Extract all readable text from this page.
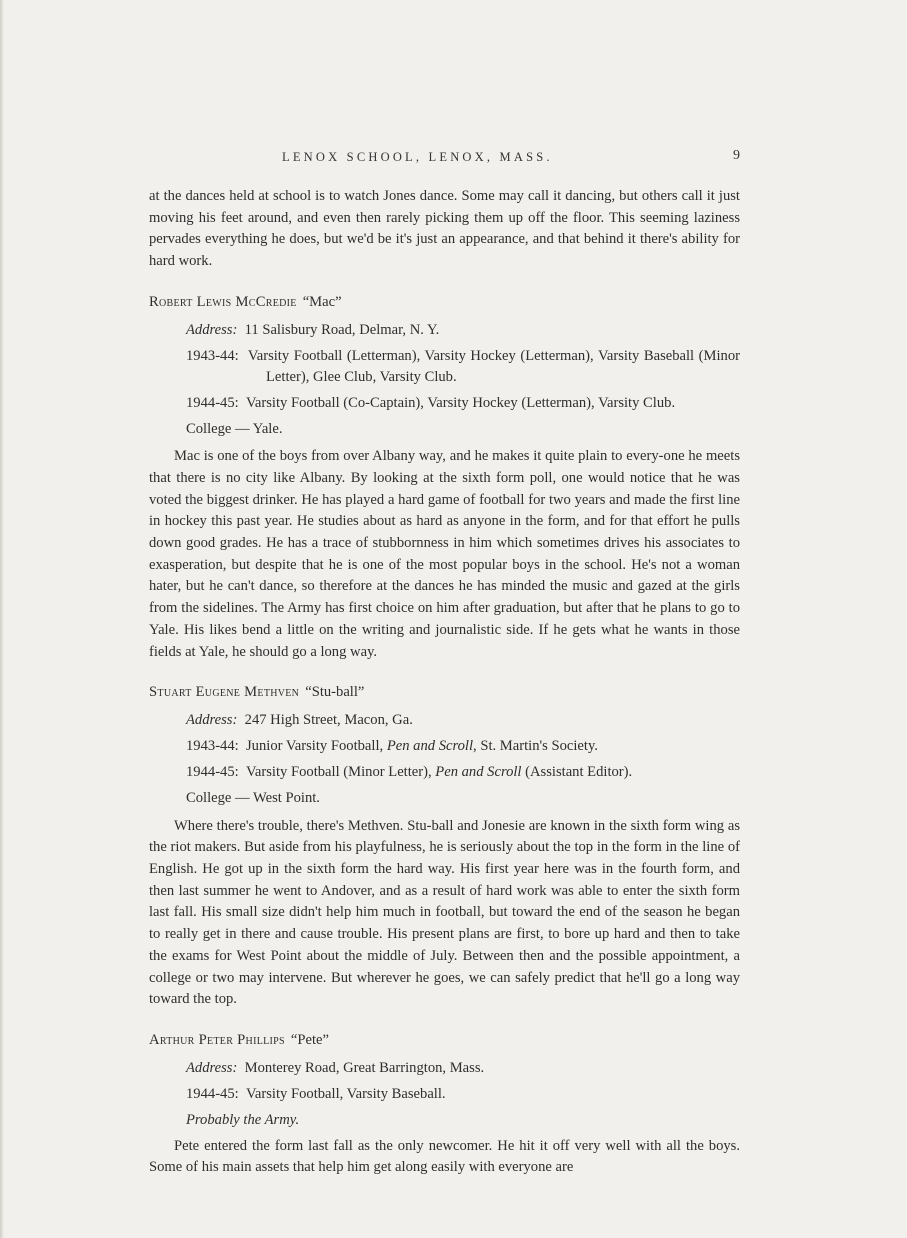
LENOX SCHOOL, LENOX, MASS.	9

at the dances held at school is to watch Jones dance. Some may call it dancing, but others call it just moving his feet around, and even then rarely picking them up off the floor. This seeming laziness pervades everything he does, but we'd be it's just an appearance, and that behind it there's ability for hard work.

Robert Lewis McCredie “Mac”

Address: 11 Salisbury Road, Delmar, N. Y.

1943-44: Varsity Football (Letterman), Varsity Hockey (Letterman), Varsity Baseball (Minor Letter), Glee Club, Varsity Club.

1944-45: Varsity Football (Co-Captain), Varsity Hockey (Letterman), Varsity Club.

College — Yale.

Mac is one of the boys from over Albany way, and he makes it quite plain to every-one he meets that there is no city like Albany. By looking at the sixth form poll, one would notice that he was voted the biggest drinker. He has played a hard game of football for two years and made the first line in hockey this past year. He studies about as hard as anyone in the form, and for that effort he pulls down good grades. He has a trace of stubbornness in him which sometimes drives his associates to exasperation, but despite that he is one of the most popular boys in the school. He's not a woman hater, but he can't dance, so therefore at the dances he has minded the music and gazed at the girls from the sidelines. The Army has first choice on him after graduation, but after that he plans to go to Yale. His likes bend a little on the writing and journalistic side. If he gets what he wants in those fields at Yale, he should go a long way.

Stuart Eugene Methven “Stu-ball”

Address: 247 High Street, Macon, Ga.

1943-44: Junior Varsity Football, Pen and Scroll, St. Martin's Society.

1944-45: Varsity Football (Minor Letter), Pen and Scroll (Assistant Editor).

College — West Point.

Where there's trouble, there's Methven. Stu-ball and Jonesie are known in the sixth form wing as the riot makers. But aside from his playfulness, he is seriously about the top in the form in the line of English. He got up in the sixth form the hard way. His first year here was in the fourth form, and then last summer he went to Andover, and as a result of hard work was able to enter the sixth form last fall. His small size didn't help him much in football, but toward the end of the season he began to really get in there and cause trouble. His present plans are first, to bore up hard and then to take the exams for West Point about the middle of July. Between then and the possible appointment, a college or two may intervene. But wherever he goes, we can safely predict that he'll go a long way toward the top.

Arthur Peter Phillips “Pete”

Address: Monterey Road, Great Barrington, Mass.

1944-45: Varsity Football, Varsity Baseball.

Probably the Army.

Pete entered the form last fall as the only newcomer. He hit it off very well with all the boys. Some of his main assets that help him get along easily with everyone are
